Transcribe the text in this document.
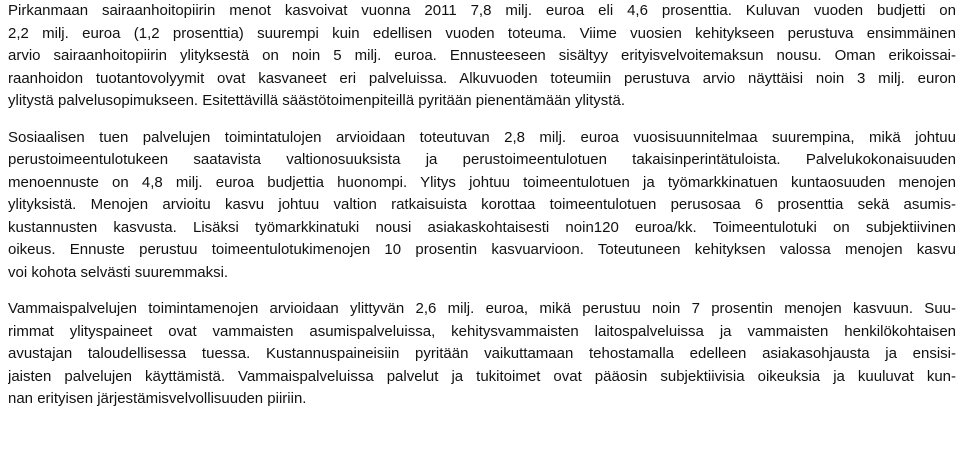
Pirkanmaan sairaanhoitopiirin menot kasvoivat vuonna 2011 7,8 milj. euroa eli 4,6 prosenttia. Kuluvan vuoden budjetti on
2,2 milj. euroa (1,2 prosenttia) suurempi kuin edellisen vuoden toteuma. Viime vuosien kehitykseen perustuva ensimmäinen
arvio sairaanhoitopiirin ylityksestä on noin 5 milj. euroa. Ennusteeseen sisältyy erityisvelvoitemaksun nousu. Oman erikoissai-
raanhoidon tuotantovolyymit ovat kasvaneet eri palveluissa. Alkuvuoden toteumiin perustuva arvio näyttäisi noin 3 milj. euron
ylitystä palvelusopimukseen. Esitettävillä säästötoimenpiteillä pyritään pienentämään ylitystä.
Sosiaalisen tuen palvelujen toimintatulojen arvioidaan toteutuvan 2,8 milj. euroa vuosisuunnitelmaa suurempina, mikä johtuu
perustoimeentulotukeen saatavista valtionosuuksista ja perustoimeentulotuen takaisinperintätuloista. Palvelukokonaisuuden
menoennuste on 4,8 milj. euroa budjettia huonompi. Ylitys johtuu toimeentulotuen ja työmarkkinatuen kuntaosuuden menojen
ylityksistä. Menojen arvioitu kasvu johtuu valtion ratkaisuista korottaa toimeentulotuen perusosaa 6 prosenttia sekä asumis-
kustannusten kasvusta. Lisäksi työmarkkinatuki nousi asiakaskohtaisesti noin120 euroa/kk. Toimeentulotuki on subjektiivinen
oikeus. Ennuste perustuu toimeentulotukimenojen 10 prosentin kasvuarvioon. Toteutuneen kehityksen valossa menojen kasvu
voi kohota selvästi suuremmaksi.
Vammaispalvelujen toimintamenojen arvioidaan ylittyvän 2,6 milj. euroa, mikä perustuu noin 7 prosentin menojen kasvuun. Suu-
rimmat ylityspaineet ovat vammaisten asumispalveluissa, kehitysvammaisten laitospalveluissa ja vammaisten henkilökohtaisen
avustajan taloudellisessa tuessa. Kustannuspaineisiin pyritään vaikuttamaan tehostamalla edelleen asiakasohjausta ja ensisi-
jaisten palvelujen käyttämistä. Vammaispalveluissa palvelut ja tukitoimet ovat pääosin subjektiivisia oikeuksia ja kuuluvat kun-
nan erityisen järjestämisvelvollisuuden piiriin.
